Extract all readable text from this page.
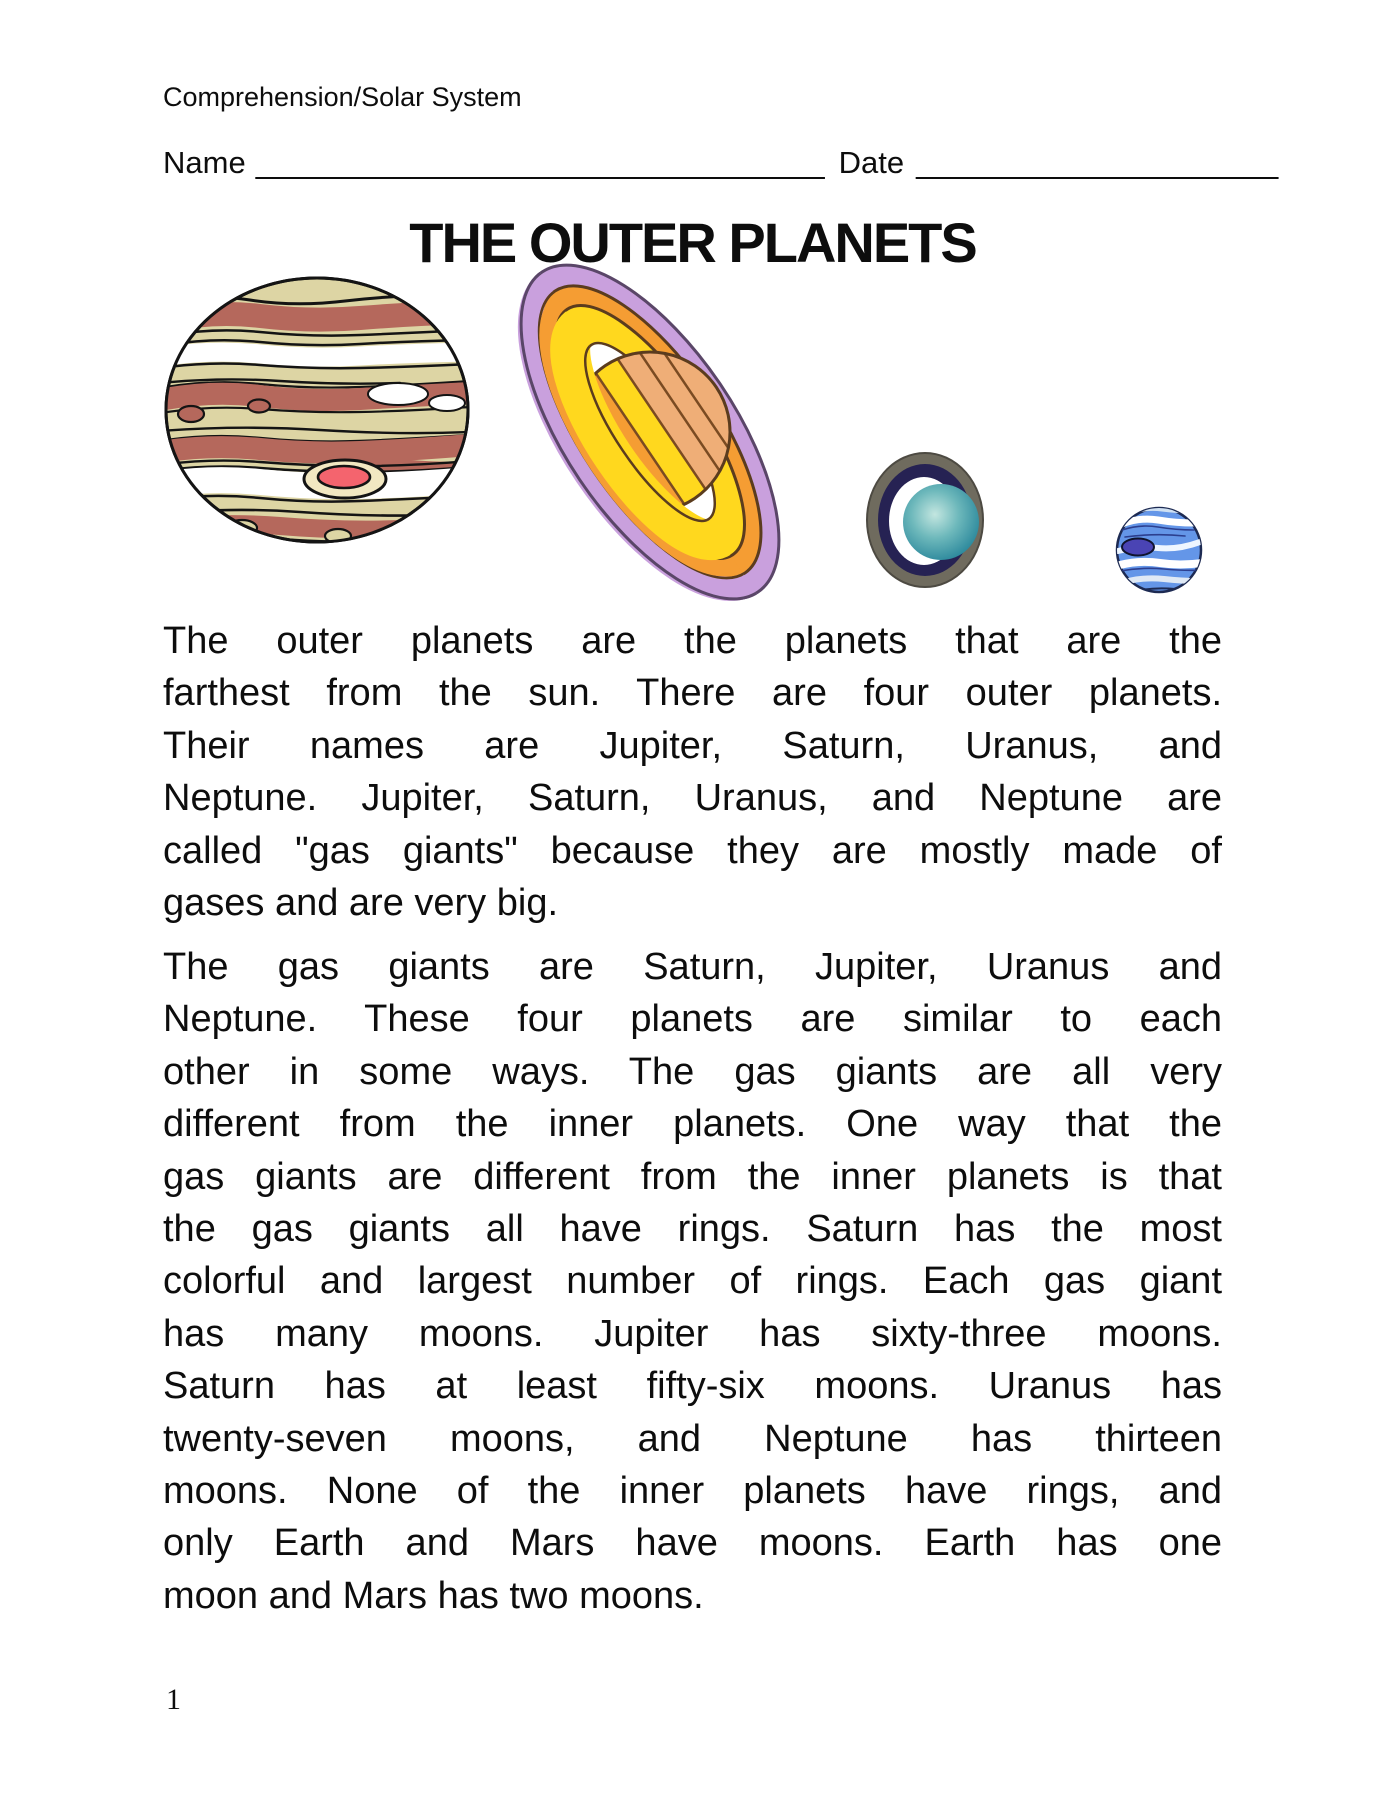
Comprehension/Solar System
Name _________________________________ Date _____________________
THE OUTER PLANETS
The outer planets are the planets that are the
farthest from the sun. There are four outer planets.
Their names are Jupiter, Saturn, Uranus, and
Neptune. Jupiter, Saturn, Uranus, and Neptune are
called "gas giants" because they are mostly made of
gases and are very big.
The gas giants are Saturn, Jupiter, Uranus and
Neptune. These four planets are similar to each
other in some ways. The gas giants are all very
different from the inner planets. One way that the
gas giants are different from the inner planets is that
the gas giants all have rings. Saturn has the most
colorful and largest number of rings. Each gas giant
has many moons. Jupiter has sixty-three moons.
Saturn has at least fifty-six moons. Uranus has
twenty-seven moons, and Neptune has thirteen
moons. None of the inner planets have rings, and
only Earth and Mars have moons. Earth has one
moon and Mars has two moons.
1
